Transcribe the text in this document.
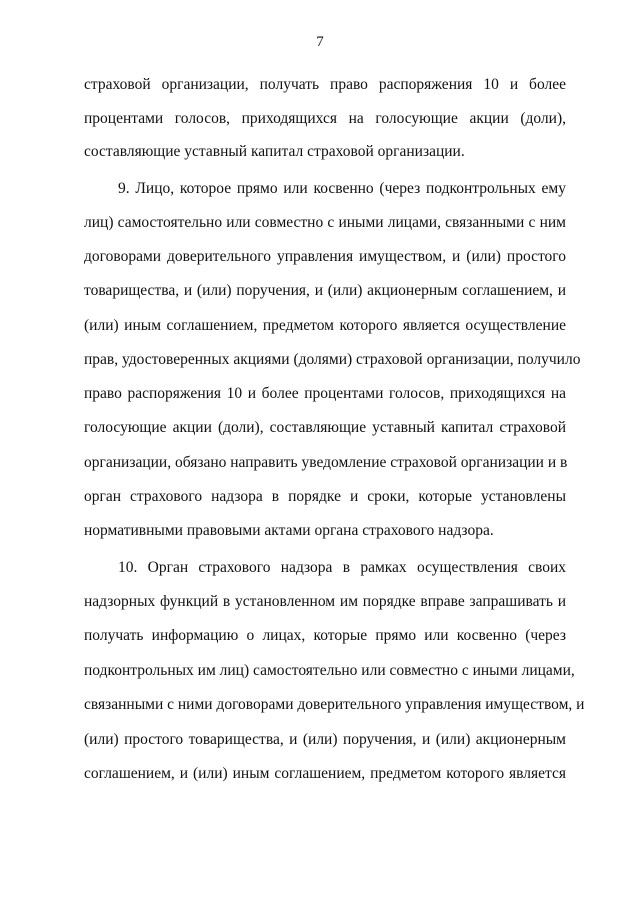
7
страховой организации, получать право распоряжения 10 и более
процентами голосов, приходящихся на голосующие акции (доли),
составляющие уставный капитал страховой организации.
9. Лицо, которое прямо или косвенно (через подконтрольных ему
лиц) самостоятельно или совместно с иными лицами, связанными с ним
договорами доверительного управления имуществом, и (или) простого
товарищества, и (или) поручения, и (или) акционерным соглашением, и
(или) иным соглашением, предметом которого является осуществление
прав, удостоверенных акциями (долями) страховой организации, получило
право распоряжения 10 и более процентами голосов, приходящихся на
голосующие акции (доли), составляющие уставный капитал страховой
организации, обязано направить уведомление страховой организации и в
орган страхового надзора в порядке и сроки, которые установлены
нормативными правовыми актами органа страхового надзора.
10. Орган страхового надзора в рамках осуществления своих
надзорных функций в установленном им порядке вправе запрашивать и
получать информацию о лицах, которые прямо или косвенно (через
подконтрольных им лиц) самостоятельно или совместно с иными лицами,
связанными с ними договорами доверительного управления имуществом, и
(или) простого товарищества, и (или) поручения, и (или) акционерным
соглашением, и (или) иным соглашением, предметом которого является
